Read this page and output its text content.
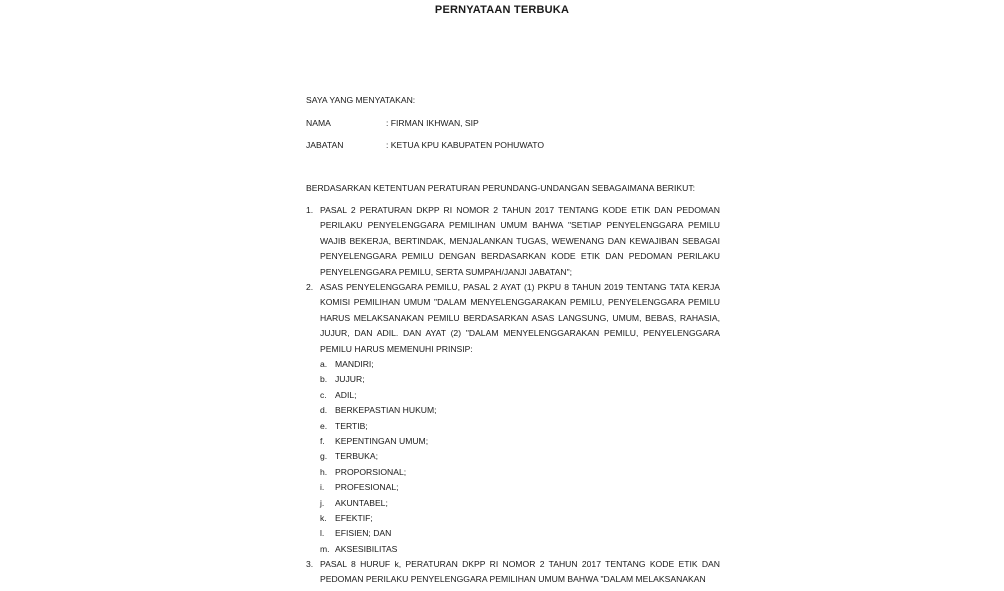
PERNYATAAN TERBUKA
SAYA YANG MENYATAKAN:
NAMA	: FIRMAN IKHWAN, SIP
JABATAN	: KETUA KPU KABUPATEN POHUWATO
BERDASARKAN KETENTUAN PERATURAN PERUNDANG-UNDANGAN SEBAGAIMANA BERIKUT:
1. PASAL 2 PERATURAN DKPP RI NOMOR 2 TAHUN 2017 TENTANG KODE ETIK DAN PEDOMAN PERILAKU PENYELENGGARA PEMILIHAN UMUM BAHWA "SETIAP PENYELENGGARA PEMILU WAJIB BEKERJA, BERTINDAK, MENJALANKAN TUGAS, WEWENANG DAN KEWAJIBAN SEBAGAI PENYELENGGARA PEMILU DENGAN BERDASARKAN KODE ETIK DAN PEDOMAN PERILAKU PENYELENGGARA PEMILU, SERTA SUMPAH/JANJI JABATAN";
2. ASAS PENYELENGGARA PEMILU, PASAL 2 AYAT (1) PKPU 8 TAHUN 2019 TENTANG TATA KERJA KOMISI PEMILIHAN UMUM "DALAM MENYELENGGARAKAN PEMILU, PENYELENGGARA PEMILU HARUS MELAKSANAKAN PEMILU BERDASARKAN ASAS LANGSUNG, UMUM, BEBAS, RAHASIA, JUJUR, DAN ADIL. DAN AYAT (2) "DALAM MENYELENGGARAKAN PEMILU, PENYELENGGARA PEMILU HARUS MEMENUHI PRINSIP:
a. MANDIRI;
b. JUJUR;
c. ADIL;
d. BERKEPASTIAN HUKUM;
e. TERTIB;
f.	KEPENTINGAN UMUM;
g. TERBUKA;
h. PROPORSIONAL;
i.	PROFESIONAL;
j.	AKUNTABEL;
k. EFEKTIF;
l.	EFISIEN; DAN
m. AKSESIBILITAS
3. PASAL 8 HURUF k, PERATURAN DKPP RI NOMOR 2 TAHUN 2017 TENTANG KODE ETIK DAN PEDOMAN PERILAKU PENYELENGGARA PEMILIHAN UMUM BAHWA "DALAM MELAKSANAKAN
